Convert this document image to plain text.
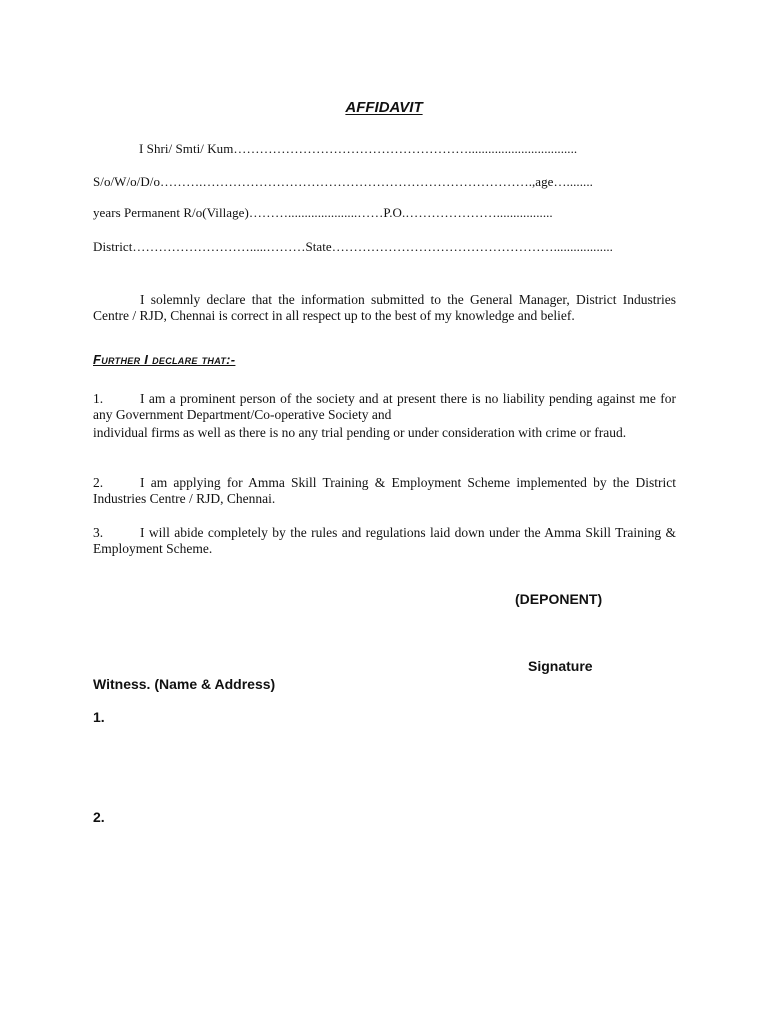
AFFIDAVIT
I Shri/ Smti/ Kum……………………………………………….................................
S/o/W/o/D/o……….………………………………………………………………….,age…........
years Permanent R/o(Village)……….....................……P.O.………………….................
District……………………….....………State……………………………………………..................
I solemnly declare that the information submitted to the General Manager, District Industries Centre / RJD, Chennai is correct in all respect up to the best of my knowledge and belief.
Further I declare that:-
1.	I am a prominent person of the society and at present there is no liability pending against me for any Government Department/Co-operative Society and
individual firms as well as there is no any trial pending or under consideration with crime or fraud.
2.	I am applying for Amma Skill Training & Employment Scheme implemented by the District Industries Centre / RJD, Chennai.
3.	I will abide completely by the rules and regulations laid down under the Amma Skill Training & Employment Scheme.
(DEPONENT)
Signature
Witness. (Name & Address)
1.
2.
